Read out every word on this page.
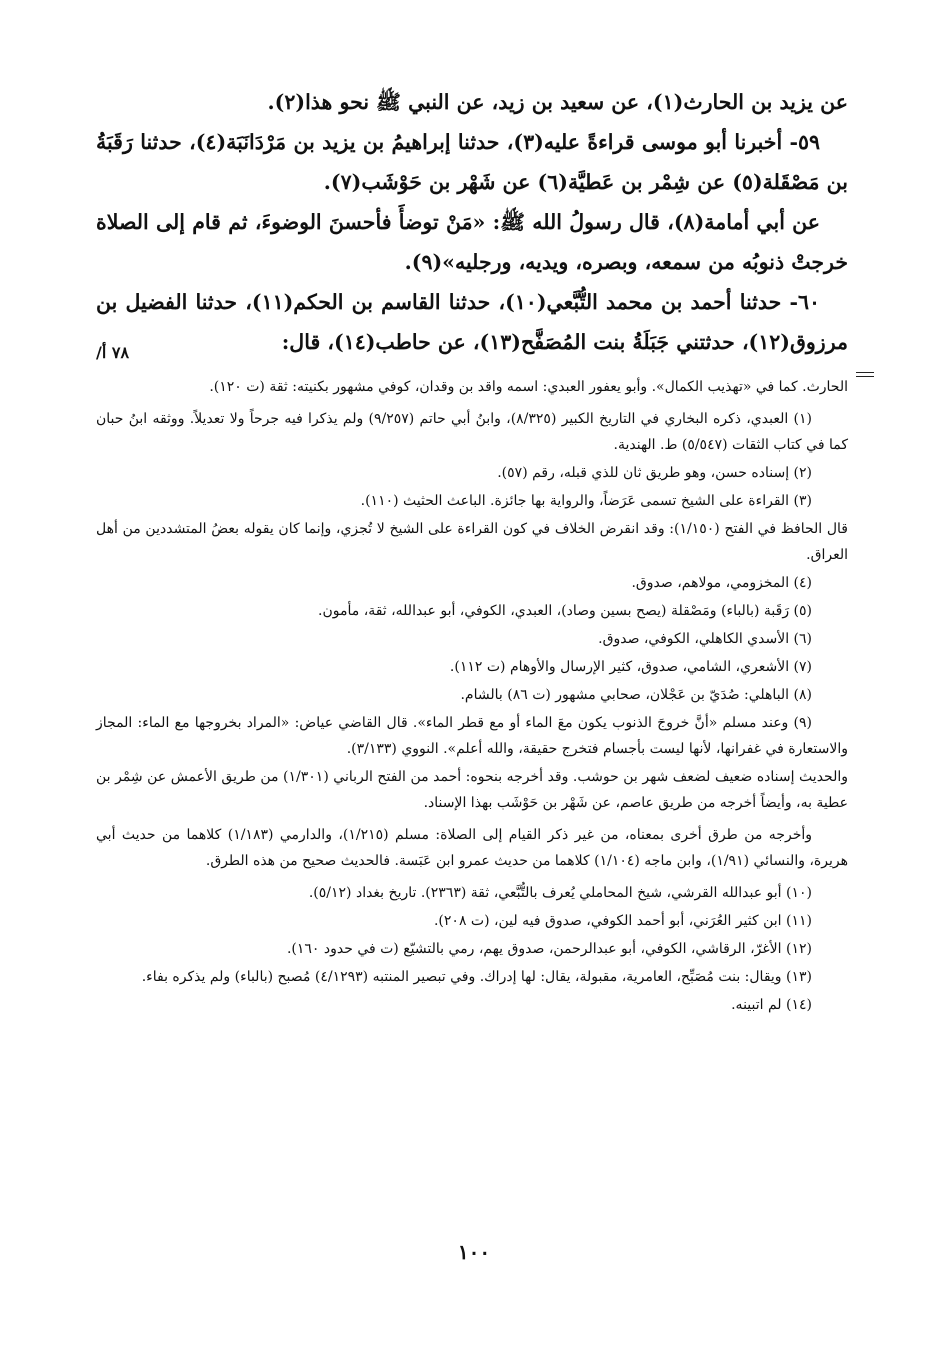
عن يزيد بن الحارث(١)، عن سعيد بن زيد، عن النبي ﷺ نحو هذا(٢).

٥٩- أخبرنا أبو موسى قراءةً عليه(٣)، حدثنا إبراهيمُ بن يزيد بن مَرْدَانَبَة(٤)، حدثنا رَقَبَةُ بن مَصْقَلة(٥) عن شِمْر بن عَطيَّة(٦) عن شَهْر بن حَوْشَب(٧).

عن أبي أمامة(٨)، قال رسولُ الله ﷺ: «مَنْ توضأَ فأحسنَ الوضوءَ، ثم قام إلى الصلاة خرجتْ ذنوبُه من سمعه، وبصره، ويديه، ورجليه»(٩).

٦٠- حدثنا أحمد بن محمد التُّبَّعي(١٠)، حدثنا القاسم بن الحكم(١١)، حدثنا الفضيل بن مرزوق(١٢)، حدثتني جَبَلَةُ بنت المُصَفَّح(١٣)، عن حاطب(١٤)، قال:

/٧٨ أ

الحارث. كما في «تهذيب الكمال». وأبو يعفور العبدي: اسمه واقد بن وقدان، كوفي مشهور بكنيته: ثقة (ت ١٢٠).

(١) العبدي، ذكره البخاري في التاريخ الكبير (٨/٣٢٥)، وابنُ أبي حاتم (٩/٢٥٧) ولم يذكرا فيه جرحاً ولا تعديلاً. ووثقه ابنُ حبان كما في كتاب الثقات (٥/٥٤٧) ط. الهندية.

(٢) إسناده حسن، وهو طريق ثان للذي قبله، رقم (٥٧).

(٣) القراءة على الشيخ تسمى عَرَضاً، والرواية بها جائزة. الباعث الحثيث (١١٠).

قال الحافظ في الفتح (١/١٥٠): وقد انقرض الخلاف في كون القراءة على الشيخ لا تُجزي، وإنما كان يقوله بعضُ المتشددين من أهل العراق.

(٤) المخزومي، مولاهم، صدوق.

(٥) رَقَبة (بالباء) ومَصْقلة (يصح بسين وصاد)، العبدي، الكوفي، أبو عبدالله، ثقة، مأمون.

(٦) الأسدي الكاهلي، الكوفي، صدوق.

(٧) الأشعري، الشامي، صدوق، كثير الإرسال والأوهام (ت ١١٢).

(٨) الباهلي: صُدَيّ بن عَجْلان، صحابي مشهور (ت ٨٦) بالشام.

(٩) وعند مسلم «أنَّ خروجَ الذنوب يكون معَ الماء أو مع قطر الماء». قال القاضي عياض: «المراد بخروجها مع الماء: المجاز والاستعارة في غفرانها، لأنها ليست بأجسام فتخرج حقيقة، والله أعلم». النووي (٣/١٣٣).

والحديث إسناده ضعيف لضعف شهر بن حوشب. وقد أخرجه بنحوه: أحمد من الفتح الرباني (١/٣٠١) من طريق الأعمش عن شِمْر بن عطية به، وأيضاً أخرجه من طريق عاصم، عن شَهْر بن حَوْشَب بهذا الإسناد.

وأخرجه من طرق أخرى بمعناه، من غير ذكر القيام إلى الصلاة: مسلم (١/٢١٥)، والدارمي (١/١٨٣) كلاهما من حديث أبي هريرة، والنسائي (١/٩١)، وابن ماجه (١/١٠٤) كلاهما من حديث عمرو ابن عَبَسة. فالحديث صحيح من هذه الطرق.

(١٠) أبو عبدالله القرشي، شيخ المحاملي يُعرف بالتُّبَّعي، ثقة (٢٣٦٣). تاريخ بغداد (٥/١٢).

(١١) ابن كثير العُرَني، أبو أحمد الكوفي، صدوق فيه لين، (ت ٢٠٨).

(١٢) الأغرّ، الرقاشي، الكوفي، أبو عبدالرحمن، صدوق يهم، رمي بالتشيّع (ت في حدود ١٦٠).

(١٣) ويقال: بنت مُصَبِّح، العامرية، مقبولة، يقال: لها إدراك. وفي تبصير المنتبه (٤/١٢٩٣) مُصبح (بالباء) ولم يذكره بفاء.

(١٤) لم اتبينه.

١٠٠
